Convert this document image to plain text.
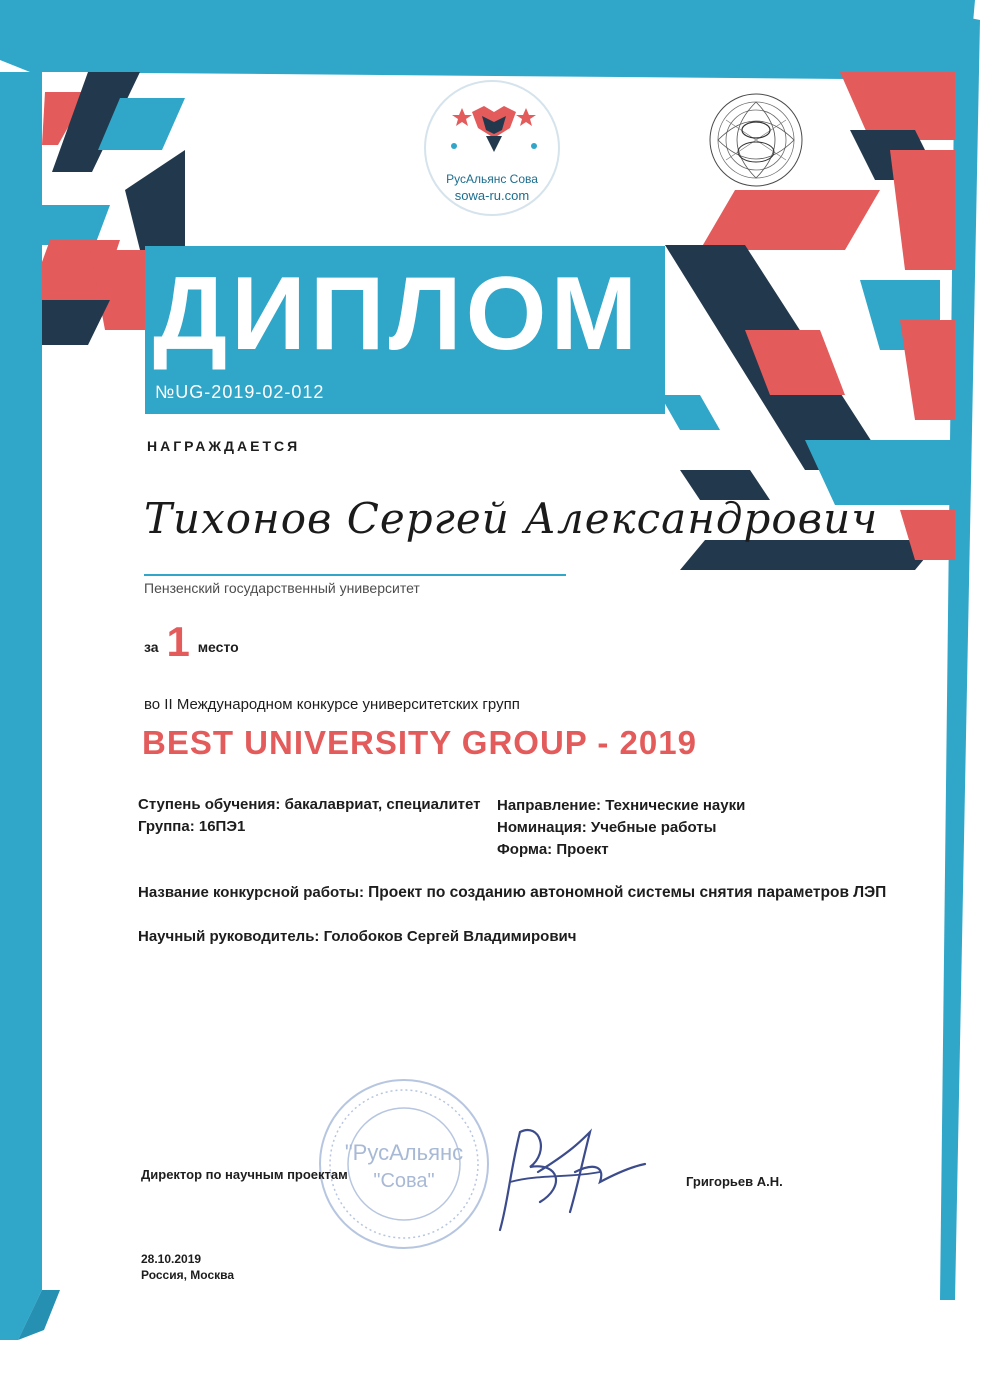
РусАльянс Сова
sowa-ru.com
ДИПЛОМ
№UG-2019-02-012
НАГРАЖДАЕТСЯ
Тихонов Сергей Александрович
Пензенский государственный университет
за 1 место
во II Международном конкурсе университетских групп
BEST UNIVERSITY GROUP - 2019
Ступень обучения: бакалавриат, специалитет
Группа: 16ПЭ1
Направление: Технические науки
Номинация: Учебные работы
Форма: Проект
Название конкурсной работы: Проект по созданию автономной системы снятия параметров ЛЭП
Научный руководитель: Голобоков Сергей Владимирович
"РусАльянс
"Сова"
Директор по научным проектам	Григорьев А.Н.
28.10.2019
Россия, Москва
